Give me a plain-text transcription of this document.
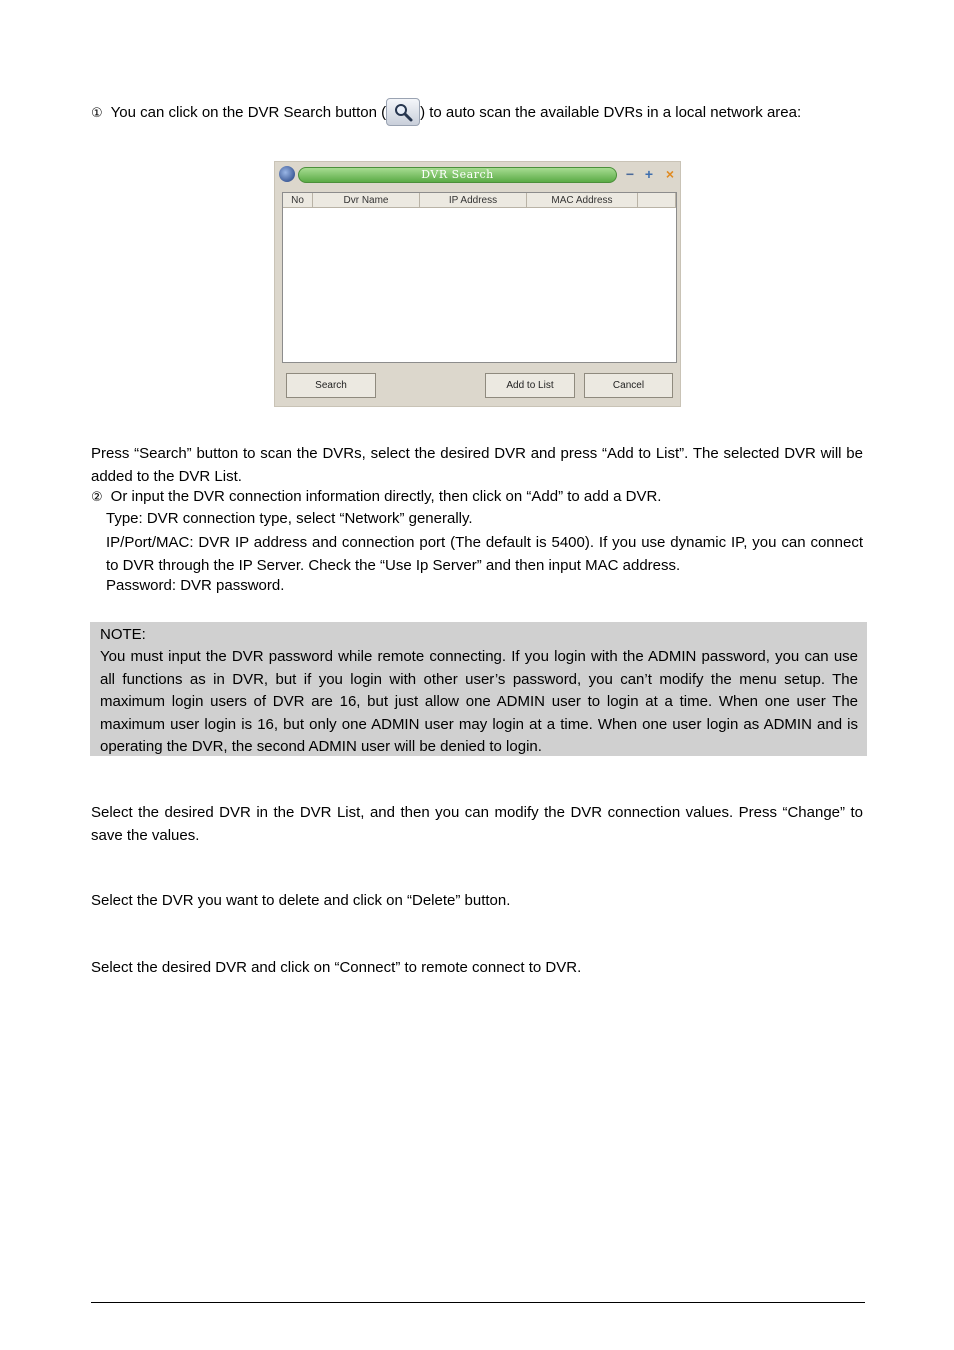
① You can click on the DVR Search button ( ) to auto scan the available DVRs in a local network area:
DVR Search	− + ×
No	Dvr Name	IP Address	MAC Address
Search	Add to List	Cancel
Press “Search” button to scan the DVRs, select the desired DVR and press “Add to List”. The selected DVR will be added to the DVR List.
② Or input the DVR connection information directly, then click on “Add” to add a DVR.
Type: DVR connection type, select “Network” generally.
IP/Port/MAC: DVR IP address and connection port (The default is 5400). If you use dynamic IP, you can connect to DVR through the IP Server. Check the “Use Ip Server” and then input MAC address.
Password: DVR password.
NOTE:
You must input the DVR password while remote connecting. If you login with the ADMIN password, you can use all functions as in DVR, but if you login with other user’s password, you can’t modify the menu setup. The maximum login users of DVR are 16, but just allow one ADMIN user to login at a time. When one user The maximum user login is 16, but only one ADMIN user may login at a time. When one user login as ADMIN and is operating the DVR, the second ADMIN user will be denied to login.
Select the desired DVR in the DVR List, and then you can modify the DVR connection values. Press “Change” to save the values.
Select the DVR you want to delete and click on “Delete” button.
Select the desired DVR and click on “Connect” to remote connect to DVR.
